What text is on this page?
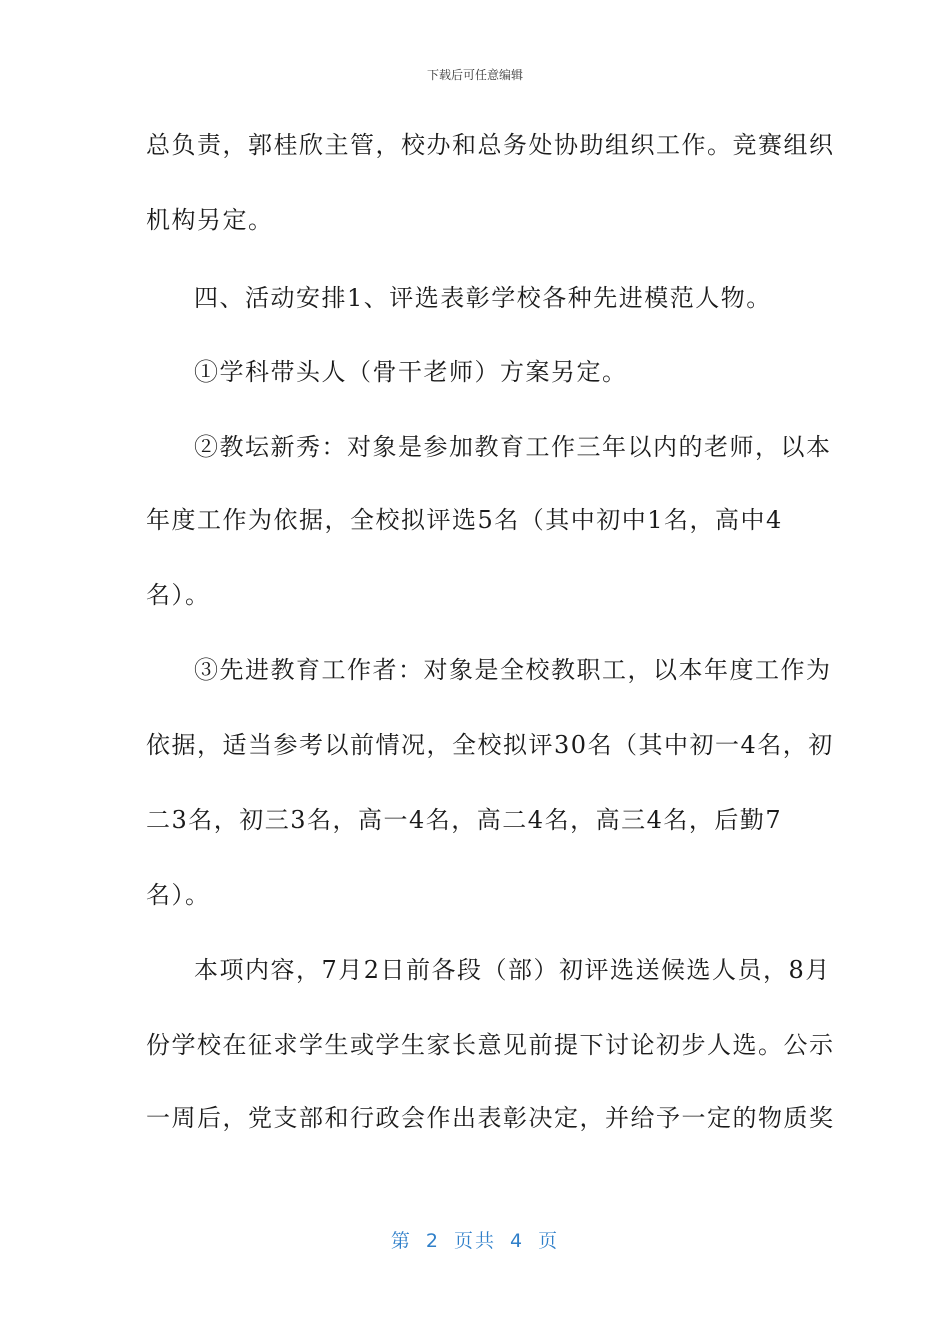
下载后可任意编辑
总负责，郭桂欣主管，校办和总务处协助组织工作。竞赛组织
机构另定。
四、活动安排1、评选表彰学校各种先进模范人物。
①学科带头人（骨干老师）方案另定。
②教坛新秀：对象是参加教育工作三年以内的老师，以本
年度工作为依据，全校拟评选5名（其中初中1名，高中4
名）。
③先进教育工作者：对象是全校教职工，以本年度工作为
依据，适当参考以前情况，全校拟评30名（其中初一4名，初
二3名，初三3名，高一4名，高二4名，高三4名，后勤7
名）。
本项内容，7月2日前各段（部）初评选送候选人员，8月
份学校在征求学生或学生家长意见前提下讨论初步人选。公示
一周后，党支部和行政会作出表彰决定，并给予一定的物质奖
第 2 页共 4 页
